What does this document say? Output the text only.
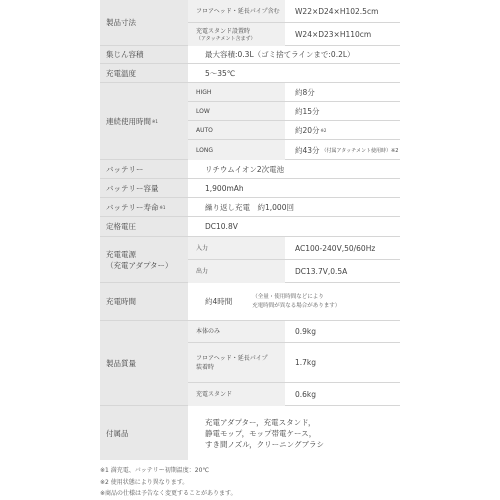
製品寸法
フロアヘッド・延長パイプ含む	W22×D24×H102.5cm
充電スタンド設置時
（アタッチメント含まず）	W24×D23×H110cm
集じん容積	最大容積:0.3L（ゴミ捨てラインまで:0.2L）
充電温度	5〜35℃
連続使用時間 ※1
HIGH	約8分
LOW	約15分
AUTO	約20分 ※2
LONG	約43分 （付属アタッチメント使用時）※2
バッテリー	リチウムイオン2次電池
バッテリー容量	1,900mAh
バッテリー寿命 ※1	繰り返し充電　約1,000回
定格電圧	DC10.8V
充電電源
（充電アダプター）
入力	AC100-240V,50/60Hz
出力	DC13.7V,0.5A
充電時間	約4時間
（全量・使用時間などにより
充電時間が異なる場合があります）
製品質量
本体のみ	0.9kg
フロアヘッド・延長パイプ
装着時	1.7kg
充電スタンド	0.6kg
付属品
充電アダプター，充電スタンド，
静電モップ，モップ帯電ケース，
すき間ノズル，クリーニングブラシ
※1 満充電、バッテリー初期温度：20℃
※2 使用状態により異なります。
※商品の仕様は予告なく変更することがあります。
